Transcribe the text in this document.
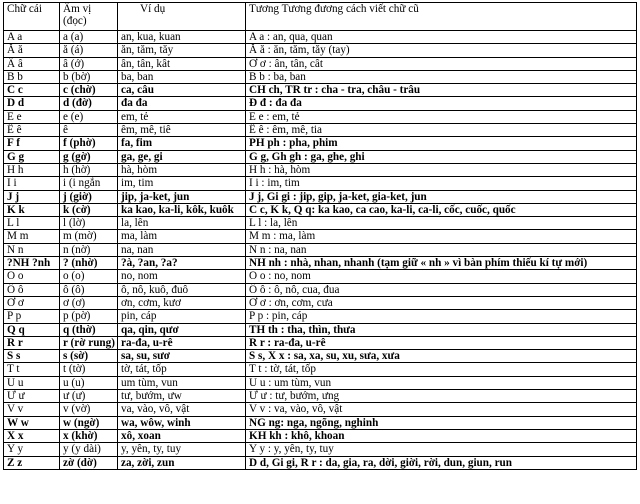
Chữ cái	Âm vị (đọc)	Ví dụ	Tương Tương đương cách viết chữ cũ
A a	a (a)	an, kua, kuan	A a : an, qua, quan
Ă ă	ă (á)	ăn, tăm, tăy	Ă ă : ăn, tăm, tăy (tay)
Â â	â (ớ)	ân, tân, kât	Ơ ơ : ân, tân, cât
B b	b (bờ)	ba, ban	B b : ba, ban
C c	c (chờ)	ca, câu	CH ch, TR tr : cha - tra, châu - trâu
D d	d (đờ)	đa đa	Đ đ : đa đa
E e	e (e)	em, tẻ	E e : em, tẻ
Ê ê	ê	êm, mê, tiê	Ê ê : êm, mê, tia
F f	f (phờ)	fa, fim	PH ph : pha, phim
G g	g (gờ)	ga, ge, gi	G g, Gh gh : ga, ghe, ghi
H h	h (hờ)	hà, hòm	H h : hà, hòm
I i	i (i ngắn	im, tim	I i : im, tim
J j	j (giờ)	jip, ja-ket, jun	J j, Gi gi : jip, gip, ja-ket, gia-ket, jun
K k	k (cờ)	ka kao, ka-li, kôk, kuôk	C c, K k, Q q: ka kao, ca cao, ka-li, ca-li, cốc, cuốc, quốc
L l	l (lờ)	la, lên	L l : la, lên
M m	m (mờ)	ma, làm	M m : ma, làm
N n	n (nờ)	na, nan	N n : na, nan
?NH ?nh	? (nhờ)	?à, ?an, ?a?	NH nh : nhà, nhan, nhanh (tạm giữ « nh » vì bàn phím thiếu kí tự mới)
O o	o (o)	no, nom	O o : no, nom
Ô ô	ô (ô)	ô, nô, kuô, đuô	Ô ô : ô, nô, cua, đua
Ơ ơ	ơ (ơ)	ơn, cơm, kươ	Ơ ơ : ơn, cơm, cưa
P p	p (pờ)	pin, cáp	P p : pin, cáp
Q q	q (thờ)	qa, qin, qươ	TH th : tha, thìn, thưa
R r	r (rờ rung)	ra-đa, u-rê	R r : ra-đa, u-rê
S s	s (sờ)	sa, su, sươ	S s, X x : sa, xa, su, xu, sưa, xưa
T t	t (tờ)	tờ, tát, tốp	T t : tờ, tát, tốp
U u	u (u)	um tùm, vun	U u : um tùm, vun
Ư ư	ư (ư)	tư, bướm, ưw	Ư ư : tư, bướm, ưng
V v	v (vờ)	va, vào, vô, vật	V v : va, vào, vô, vật
W w	w (ngờ)	wa, wôw, winh	NG ng: nga, ngõng, nghinh
X x	x (khờ)	xô, xoan	KH kh : khô, khoan
Y y	y (y dài)	y, yên, ty, tuy	Y y : y, yên, ty, tuy
Z z	zờ (dờ)	za, zời, zun	D d, Gi gi, R r : da, gia, ra, dời, giời, rời, dun, giun, run
